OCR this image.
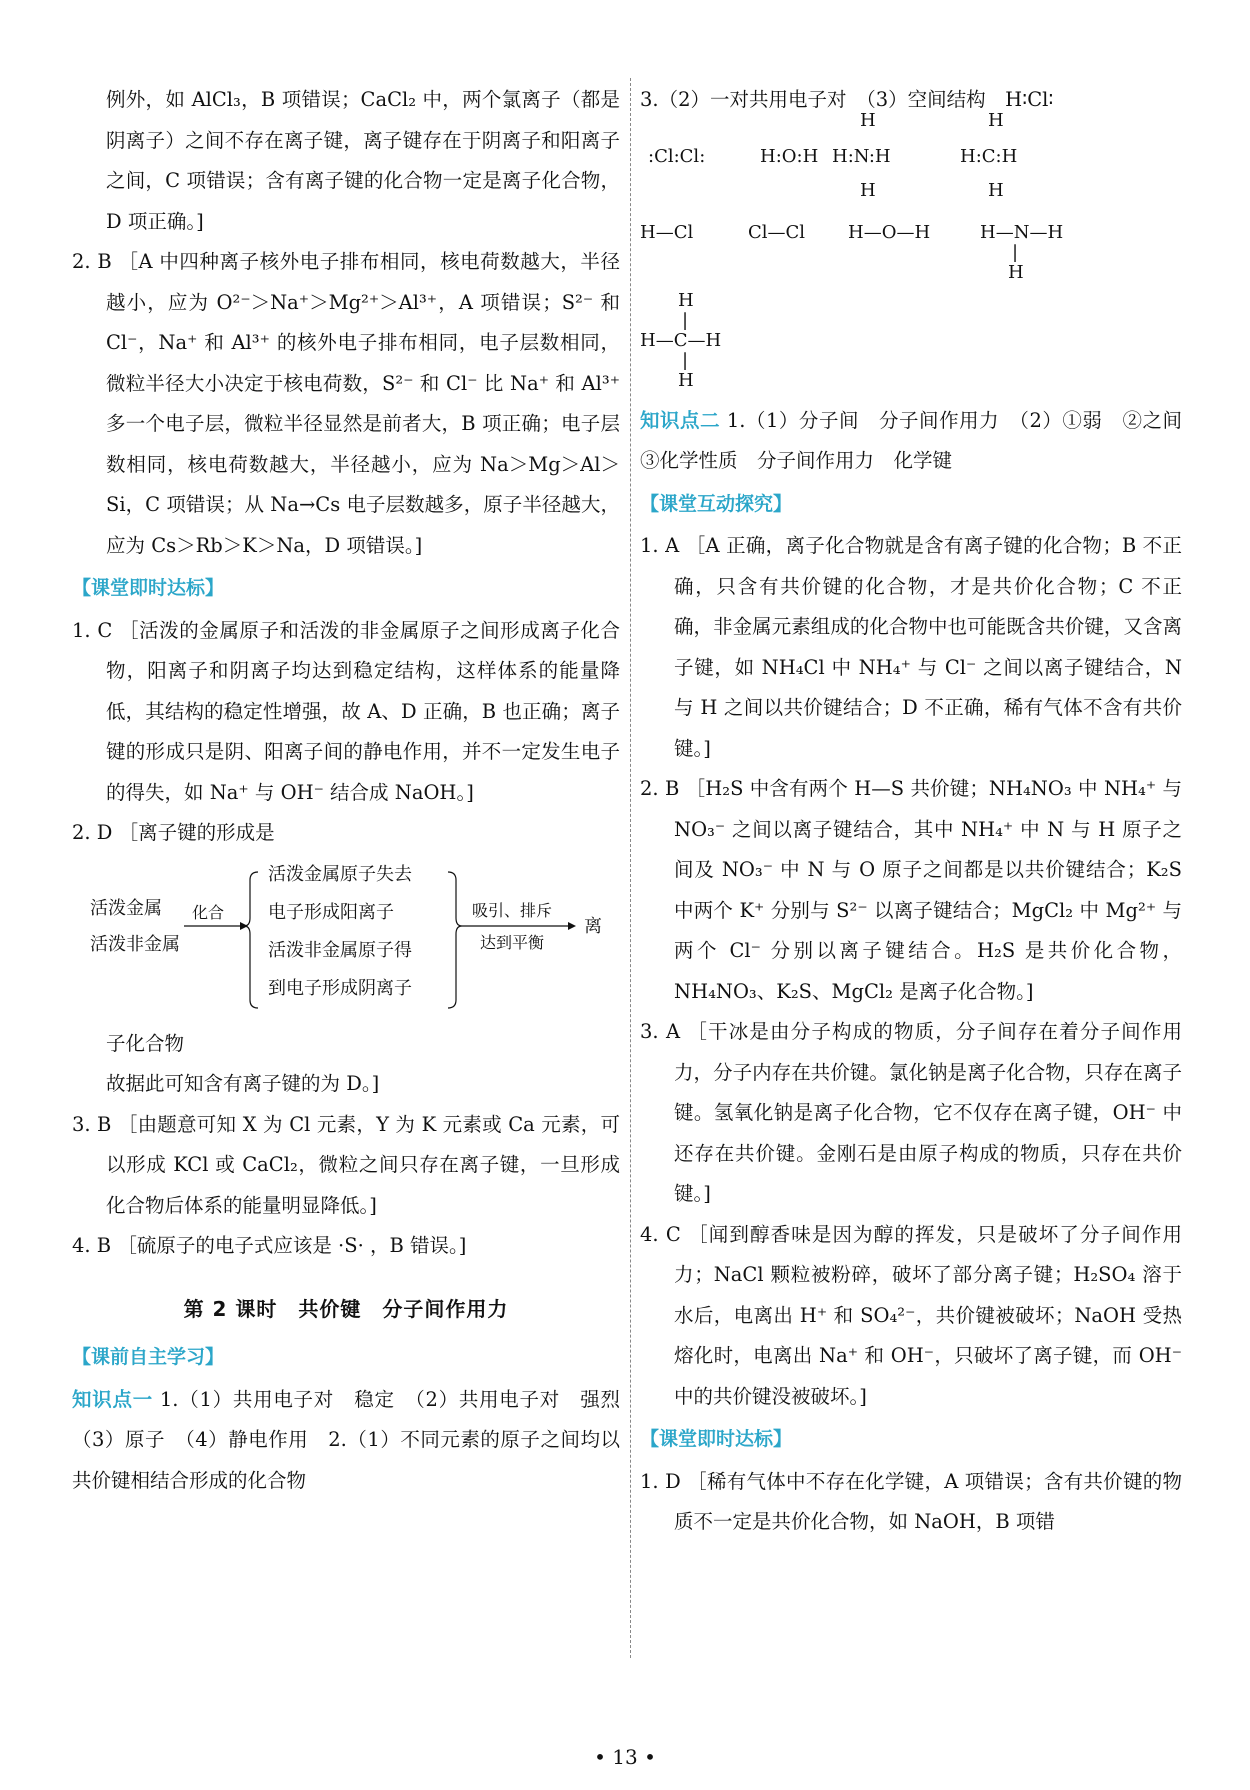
例外，如 AlCl₃，B 项错误；CaCl₂ 中，两个氯离子（都是阴离子）之间不存在离子键，离子键存在于阴离子和阳离子之间，C 项错误；含有离子键的化合物一定是离子化合物，D 项正确。]

2. B ［A 中四种离子核外电子排布相同，核电荷数越大，半径越小，应为 O²⁻＞Na⁺＞Mg²⁺＞Al³⁺，A 项错误；S²⁻ 和 Cl⁻，Na⁺ 和 Al³⁺ 的核外电子排布相同，电子层数相同，微粒半径大小决定于核电荷数，S²⁻ 和 Cl⁻ 比 Na⁺ 和 Al³⁺ 多一个电子层，微粒半径显然是前者大，B 项正确；电子层数相同，核电荷数越大，半径越小，应为 Na＞Mg＞Al＞Si，C 项错误；从 Na→Cs 电子层数越多，原子半径越大，应为 Cs＞Rb＞K＞Na，D 项错误。]

【课堂即时达标】

1. C ［活泼的金属原子和活泼的非金属原子之间形成离子化合物，阳离子和阴离子均达到稳定结构，这样体系的能量降低，其结构的稳定性增强，故 A、D 正确，B 也正确；离子键的形成只是阴、阳离子间的静电作用，并不一定发生电子的得失，如 Na⁺ 与 OH⁻ 结合成 NaOH。]

2. D ［离子键的形成是

活泼金属
活泼非金属
化合
活泼金属原子失去
电子形成阳离子
活泼非金属原子得
到电子形成阴离子
吸引、排斥
达到平衡
离

子化合物

故据此可知含有离子键的为 D。]

3. B ［由题意可知 X 为 Cl 元素，Y 为 K 元素或 Ca 元素，可以形成 KCl 或 CaCl₂，微粒之间只存在离子键，一旦形成化合物后体系的能量明显降低。]

4. B ［硫原子的电子式应该是 ·S· ，B 错误。]

第 2 课时　共价键　分子间作用力
【课前自主学习】

知识点一 1.（1）共用电子对　稳定　（2）共用电子对　强烈　（3）原子　（4）静电作用　2.（1）不同元素的原子之间均以共价键相结合形成的化合物

3.（2）一对共用电子对　（3）空间结构　H∶Cl∶

:Cl:Cl:	H:O:H
H
H:N:H
H
H
H:C:H
H
H—Cl	Cl—Cl H—O—H	H—N—H
|
H
H
|
H—C—H
|
H

知识点二 1.（1）分子间　分子间作用力　（2）①弱　②之间　③化学性质　分子间作用力　化学键

【课堂互动探究】

1. A ［A 正确，离子化合物就是含有离子键的化合物；B 不正确，只含有共价键的化合物，才是共价化合物；C 不正确，非金属元素组成的化合物中也可能既含共价键，又含离子键，如 NH₄Cl 中 NH₄⁺ 与 Cl⁻ 之间以离子键结合，N 与 H 之间以共价键结合；D 不正确，稀有气体不含有共价键。]

2. B ［H₂S 中含有两个 H—S 共价键；NH₄NO₃ 中 NH₄⁺ 与 NO₃⁻ 之间以离子键结合，其中 NH₄⁺ 中 N 与 H 原子之间及 NO₃⁻ 中 N 与 O 原子之间都是以共价键结合；K₂S 中两个 K⁺ 分别与 S²⁻ 以离子键结合；MgCl₂ 中 Mg²⁺ 与两个 Cl⁻ 分别以离子键结合。H₂S 是共价化合物，NH₄NO₃、K₂S、MgCl₂ 是离子化合物。]

3. A ［干冰是由分子构成的物质，分子间存在着分子间作用力，分子内存在共价键。氯化钠是离子化合物，只存在离子键。氢氧化钠是离子化合物，它不仅存在离子键，OH⁻ 中还存在共价键。金刚石是由原子构成的物质，只存在共价键。]

4. C ［闻到醇香味是因为醇的挥发，只是破坏了分子间作用力；NaCl 颗粒被粉碎，破坏了部分离子键；H₂SO₄ 溶于水后，电离出 H⁺ 和 SO₄²⁻，共价键被破坏；NaOH 受热熔化时，电离出 Na⁺ 和 OH⁻，只破坏了离子键，而 OH⁻ 中的共价键没被破坏。]

【课堂即时达标】

1. D ［稀有气体中不存在化学键，A 项错误；含有共价键的物质不一定是共价化合物，如 NaOH，B 项错

• 13 •
